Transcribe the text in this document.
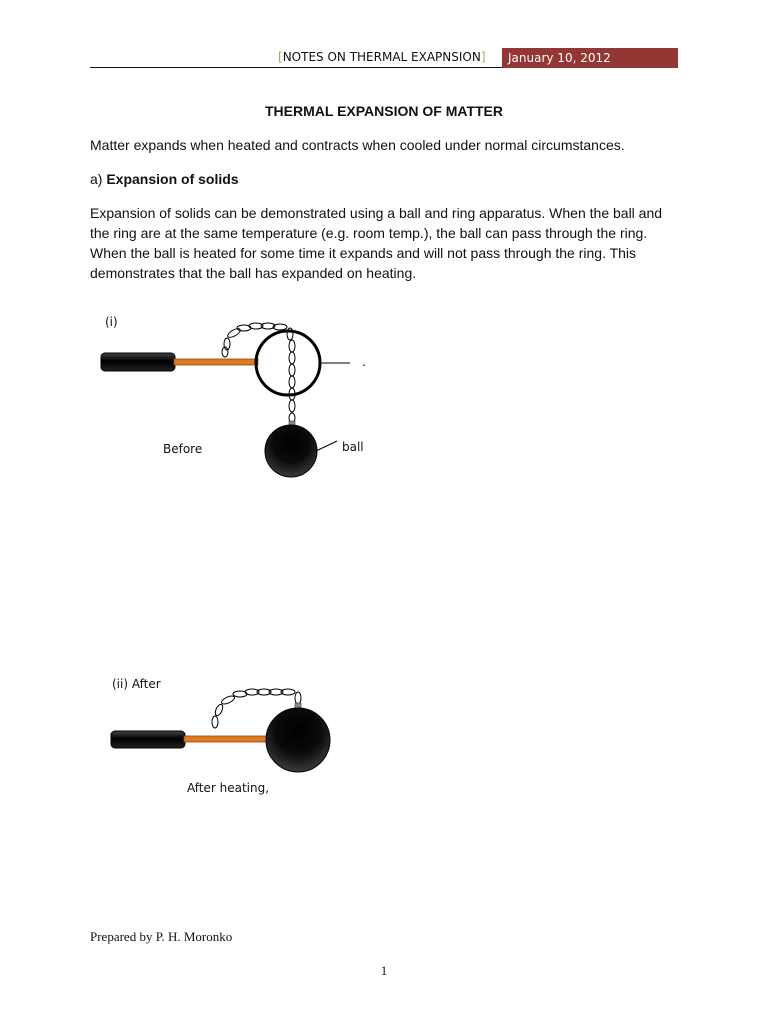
[NOTES ON THERMAL EXAPNSION]	January 10, 2012
THERMAL EXPANSION OF MATTER
Matter expands when heated and contracts when cooled under normal circumstances.
a) Expansion of solids
Expansion of solids can be demonstrated using a ball and ring apparatus. When the ball and the ring are at the same temperature (e.g. room temp.), the ball can pass through the ring. When the ball is heated for some time it expands and will not pass through the ring. This demonstrates that the ball has expanded on heating.
(i)
.
Before	ball
(ii) After
After heating,
Prepared by P. H. Moronko
1
